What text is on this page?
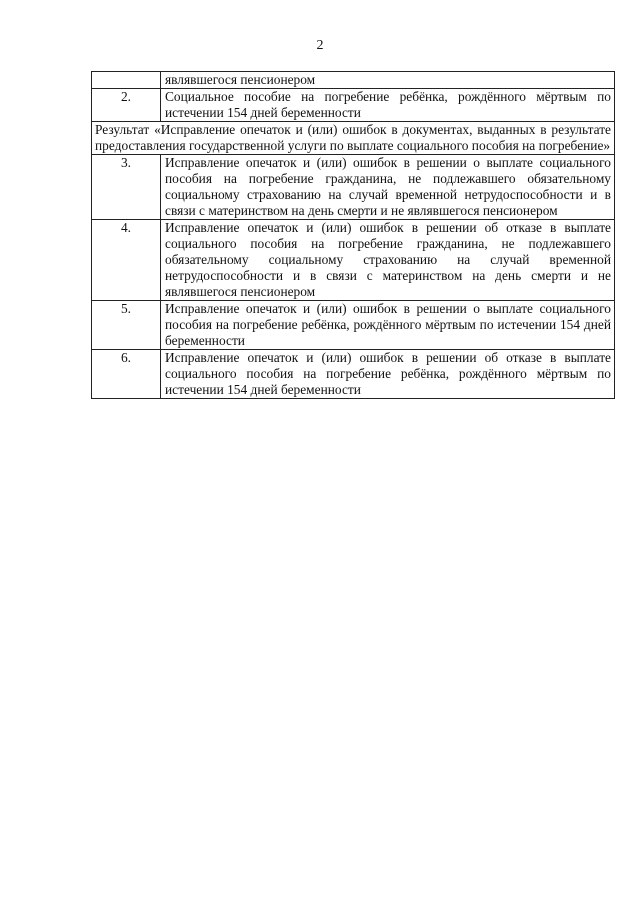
2
	являвшегося пенсионером
2.	Социальное пособие на погребение ребёнка, рождённого мёртвым по истечении 154 дней беременности
Результат «Исправление опечаток и (или) ошибок в документах, выданных в результате предоставления государственной услуги по выплате социального пособия на погребение»	
3.	Исправление опечаток и (или) ошибок в решении о выплате социального пособия на погребение гражданина, не подлежавшего обязательному социальному страхованию на случай временной нетрудоспособности и в связи с материнством на день смерти и не являвшегося пенсионером
4.	Исправление опечаток и (или) ошибок в решении об отказе в выплате социального пособия на погребение гражданина, не подлежавшего обязательному социальному страхованию на случай временной нетрудоспособности и в связи с материнством на день смерти и не являвшегося пенсионером
5.	Исправление опечаток и (или) ошибок в решении о выплате социального пособия на погребение ребёнка, рождённого мёртвым по истечении 154 дней беременности
6.	Исправление опечаток и (или) ошибок в решении об отказе в выплате социального пособия на погребение ребёнка, рождённого мёртвым по истечении 154 дней беременности
